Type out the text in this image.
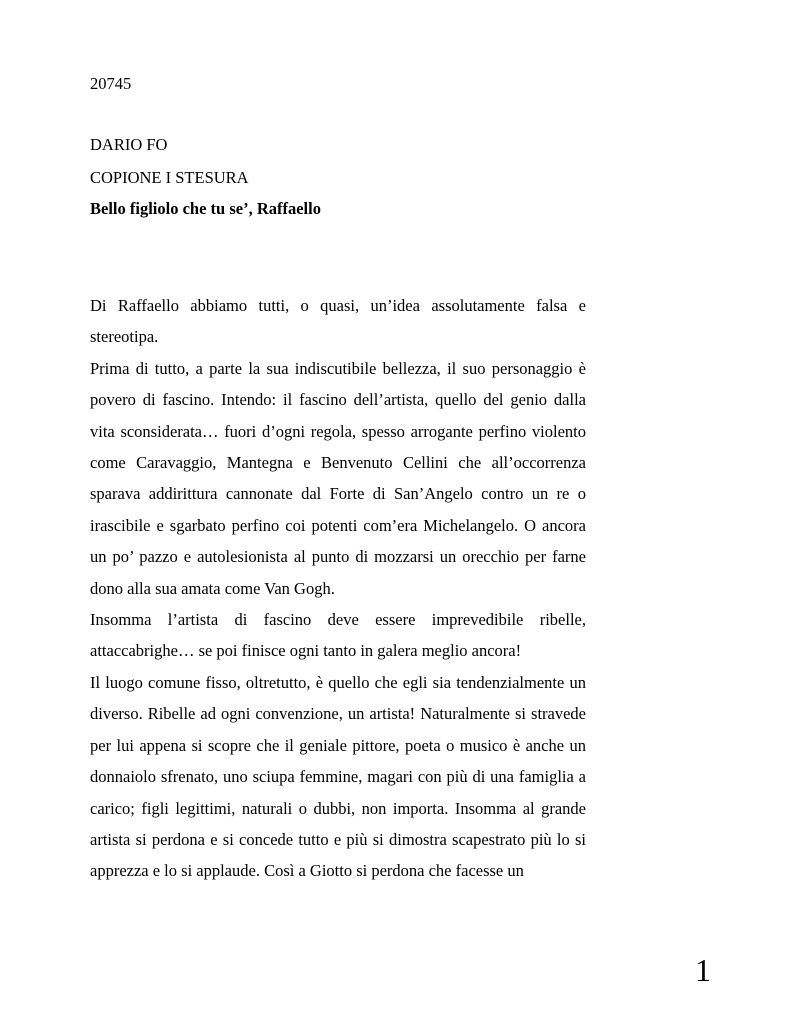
20745
DARIO FO
COPIONE I STESURA
Bello figliolo che tu se’, Raffaello

Di Raffaello abbiamo tutti, o quasi, un’idea assolutamente falsa e stereotipa.

Prima di tutto, a parte la sua indiscutibile bellezza, il suo personaggio è povero di fascino. Intendo: il fascino dell’artista, quello del genio dalla vita sconsiderata… fuori d’ogni regola, spesso arrogante perfino violento come Caravaggio, Mantegna e Benvenuto Cellini che all’occorrenza sparava addirittura cannonate dal Forte di San’Angelo contro un re o irascibile e sgarbato perfino coi potenti com’era Michelangelo. O ancora un po’ pazzo e autolesionista al punto di mozzarsi un orecchio per farne dono alla sua amata come Van Gogh.

Insomma l’artista di fascino deve essere imprevedibile ribelle, attaccabrighe… se poi finisce ogni tanto in galera meglio ancora!

Il luogo comune fisso, oltretutto, è quello che egli sia tendenzialmente un diverso. Ribelle ad ogni convenzione, un artista! Naturalmente si stravede per lui appena si scopre che il geniale pittore, poeta o musico è anche un donnaiolo sfrenato, uno sciupa femmine, magari con più di una famiglia a carico; figli legittimi, naturali o dubbi, non importa. Insomma al grande artista si perdona e si concede tutto e più si dimostra scapestrato più lo si apprezza e lo si applaude. Così a Giotto si perdona che facesse un

1
